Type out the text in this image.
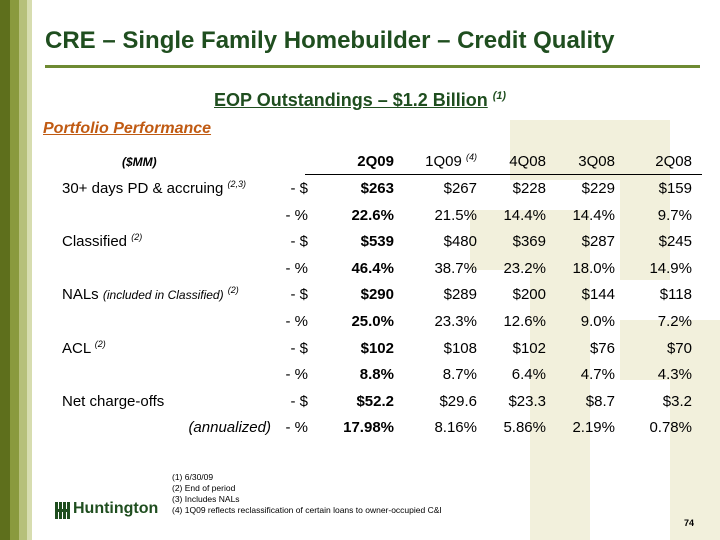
CRE – Single Family Homebuilder – Credit Quality
EOP Outstandings – $1.2 Billion $^{(1)}$
Portfolio Performance
($MM)	2Q09 1Q09 $^{(4)}$ 4Q08 3Q08	2Q08
30+ days PD & accruing $^{(2,3)}$	- $	$263	$267 $228 $229	$159
- %	22.6%	21.5% 14.4% 14.4%	9.7%
Classified $^{(2)}$	- $	$539	$480 $369 $287	$245
- %	46.4%	38.7% 23.2% 18.0% 14.9%
NALs (included in Classified) $^{(2)}$	- $	$290	$289 $200 $144	$118
- %	25.0%	23.3% 12.6% 9.0%	7.2%
ACL $^{(2)}$	- $	$102	$108 $102	$76	$70
- %	8.8%	8.7% 6.4% 4.7%	4.3%
Net charge-offs	- $	$52.2	$29.6 $23.3	$8.7	$3.2
(annualized) - % 17.98%	8.16% 5.86% 2.19% 0.78%
(1) 6/30/09
(2) End of period
(3) Includes NALs
(4) 1Q09 reflects reclassification of certain loans to owner-occupied C&I
Huntington
74
